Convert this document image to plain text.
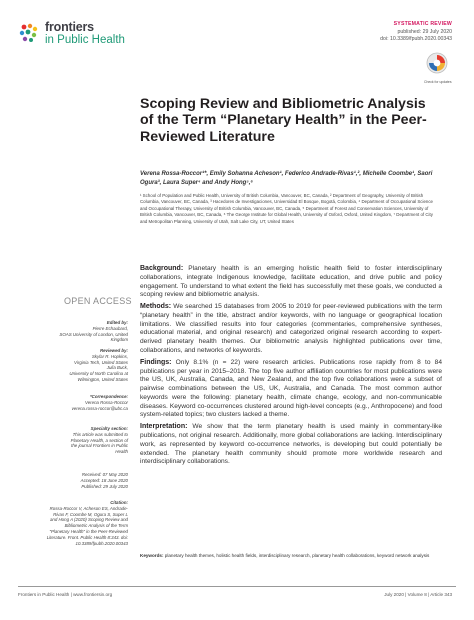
frontiers
in Public Health
SYSTEMATIC REVIEW
published: 29 July 2020
doi: 10.3389/fpubh.2020.00343
Check for updates
Scoping Review and Bibliometric Analysis of the Term “Planetary Health” in the Peer-Reviewed Literature
Verena Rossa-Roccor¹*, Emily Sohanna Acheson¹, Federico Andrade-Rivas¹,², Michelle Coombe¹, Saori Ogura³, Laura Super⁴ and Andy Hong⁵,⁶
¹ School of Population and Public Health, University of British Columbia, Vancouver, BC, Canada, ² Department of Geography, University of British Columbia, Vancouver, BC, Canada, ³ Hacedores de Investigaciones, Universidad El Bosque, Bogotá, Colombia, ⁴ Department of Occupational Science and Occupational Therapy, University of British Columbia, Vancouver, BC, Canada, ⁵ Department of Forest and Conservation Sciences, University of British Columbia, Vancouver, BC, Canada, ⁶ The George Institute for Global Health, University of Oxford, Oxford, United Kingdom, ⁷ Department of City and Metropolitan Planning, University of Utah, Salt Lake City, UT, United States
OPEN ACCESS
Edited by:
Pierre Echaubard,
SOAS University of London, United Kingdom
Reviewed by:
Skylar R. Hopkins,
Virginia Tech, United States
Julia Buck,
University of North Carolina at Wilmington, United States
*Correspondence:
Verena Rossa-Roccor
verena.rossa-roccor@ubc.ca
Specialty section:
This article was submitted to Planetary Health, a section of the journal Frontiers in Public Health
Received: 07 May 2020
Accepted: 18 June 2020
Published: 29 July 2020
Citation:
Rossa-Roccor V, Acheson ES, Andrade-Rivas F, Coombe M, Ogura S, Super L and Hong A (2020) Scoping Review and Bibliometric Analysis of the Term “Planetary Health” in the Peer-Reviewed Literature. Front. Public Health 8:343. doi: 10.3389/fpubh.2020.00343

Background: Planetary health is an emerging holistic health field to foster interdisciplinary collaborations, integrate Indigenous knowledge, facilitate education, and drive public and policy engagement. To understand to what extent the field has successfully met these goals, we conducted a scoping review and bibliometric analysis.

Methods: We searched 15 databases from 2005 to 2019 for peer-reviewed publications with the term “planetary health” in the title, abstract and/or keywords, with no language or geographical location limitations. We classified results into four categories (commentaries, comprehensive syntheses, educational material, and original research) and categorized original research according to expert-derived planetary health themes. Our bibliometric analysis highlighted publications over time, collaborations, and networks of keywords.

Findings: Only 8.1% (n = 22) were research articles. Publications rose rapidly from 8 to 84 publications per year in 2015–2018. The top five author affiliation countries for most publications were the US, UK, Australia, Canada, and New Zealand, and the top five collaborations were a subset of pairwise combinations between the US, UK, Australia, and Canada. The most common author keywords were the following: planetary health, climate change, ecology, and non-communicable diseases. Keyword co-occurrences clustered around high-level concepts (e.g., Anthropocene) and food system-related topics; two clusters lacked a theme.

Interpretation: We show that the term planetary health is used mainly in commentary-like publications, not original research. Additionally, more global collaborations are lacking. Interdisciplinary work, as represented by keyword co-occurrence networks, is developing but could potentially be extended. The planetary health community should promote more worldwide research and interdisciplinary collaborations.

Keywords: planetary health themes, holistic health fields, interdisciplinary research, planetary health collaborations, keyword network analysis
Frontiers in Public Health | www.frontiersin.org	July 2020 | Volume 8 | Article 343
